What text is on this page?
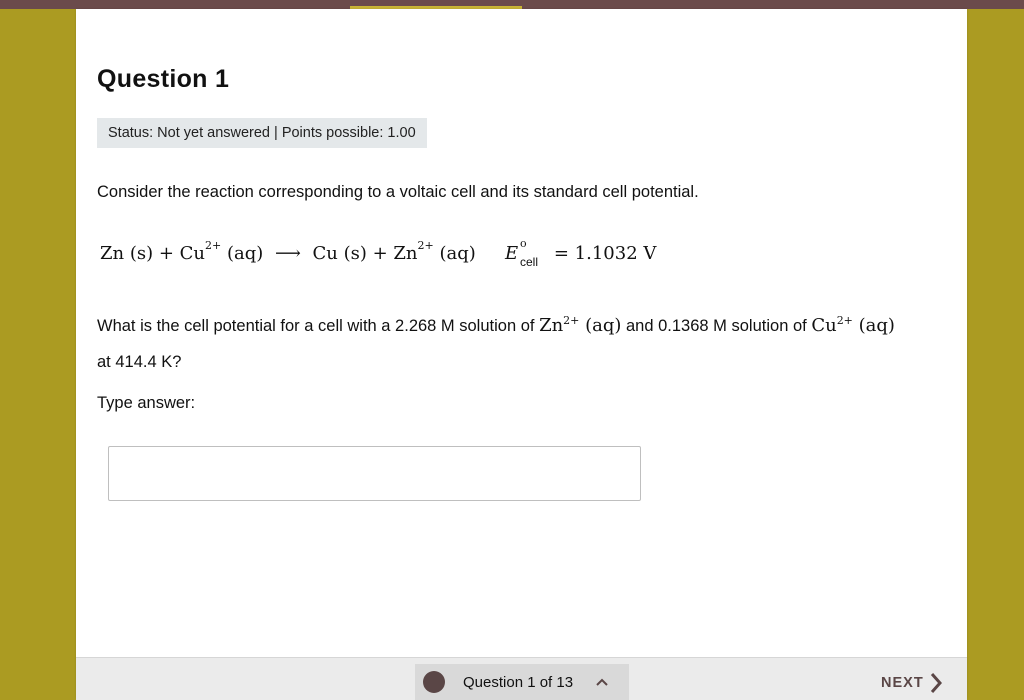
Question 1
Status: Not yet answered | Points possible: 1.00
Consider the reaction corresponding to a voltaic cell and its standard cell potential.
Zn $(s) + Cu^{2+}$ (aq) ⟶ Cu $(s) + Zn^{2+}$ (aq) E o
cell = 1.1032 V
What is the cell potential for a cell with a 2.268 M solution of $Zn^{2+}$ (aq) and 0.1368 M solution of $Cu^{2+}$ (aq)
at 414.4 K?
Type answer:
Question 1 of 13	NEXT
